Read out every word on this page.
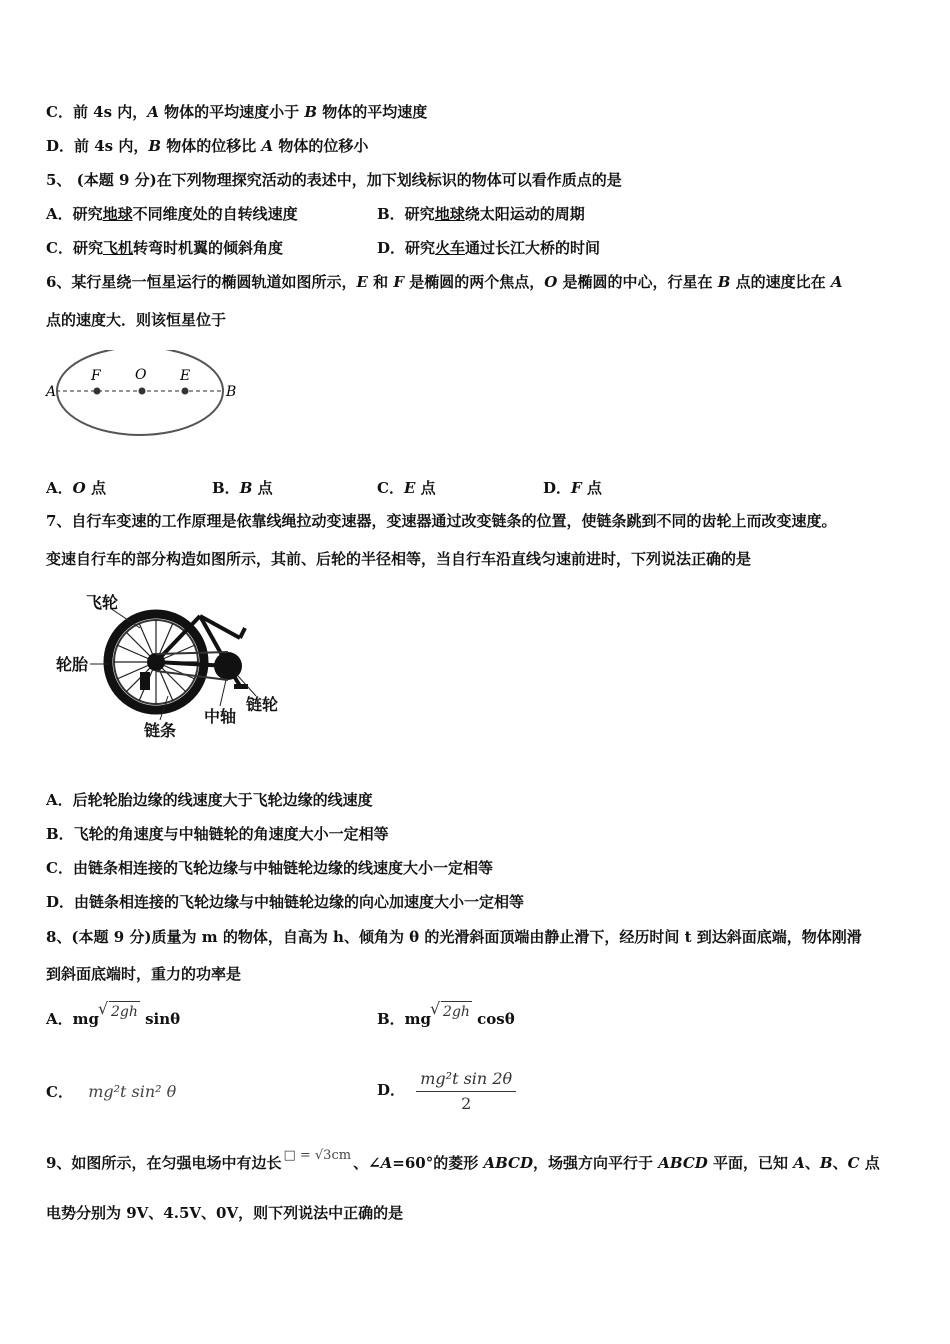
C．前 4s 内，A 物体的平均速度小于 B 物体的平均速度
D．前 4s 内，B 物体的位移比 A 物体的位移小
5、 (本题 9 分)在下列物理探究活动的表述中，加下划线标识的物体可以看作质点的是
A．研究地球不同维度处的自转线速度	B．研究地球绕太阳运动的周期
C．研究飞机转弯时机翼的倾斜角度	D．研究火车通过长江大桥的时间
6、某行星绕一恒星运行的椭圆轨道如图所示，E 和 F 是椭圆的两个焦点，O 是椭圆的中心，行星在 B 点的速度比在 A
点的速度大．则该恒星位于
A
F O E
B
A．O 点	B．B 点	C．E 点	D．F 点
7、自行车变速的工作原理是依靠线绳拉动变速器，变速器通过改变链条的位置，使链条跳到不同的齿轮上而改变速度。
变速自行车的部分构造如图所示，其前、后轮的半径相等，当自行车沿直线匀速前进时，下列说法正确的是
飞轮
轮胎
链条
中轴
链轮
A．后轮轮胎边缘的线速度大于飞轮边缘的线速度
B．飞轮的角速度与中轴链轮的角速度大小一定相等
C．由链条相连接的飞轮边缘与中轴链轮边缘的线速度大小一定相等
D．由链条相连接的飞轮边缘与中轴链轮边缘的向心加速度大小一定相等
8、(本题 9 分)质量为 m 的物体，自高为 h、倾角为 θ 的光滑斜面顶端由静止滑下，经历时间 t 到达斜面底端，物体刚滑
到斜面底端时，重力的功率是
A．mg √ 2gh sinθ	B．mg √ 2gh cosθ
C． mg²t sin² θ	D． $\frac{\text{mg²t sin 2θ}}{2}$
9、如图所示，在匀强电场中有边长 □ = √3cm 、∠A=60°的菱形 ABCD，场强方向平行于 ABCD 平面，已知 A、B、C 点
电势分别为 9V、4.5V、0V，则下列说法中正确的是
